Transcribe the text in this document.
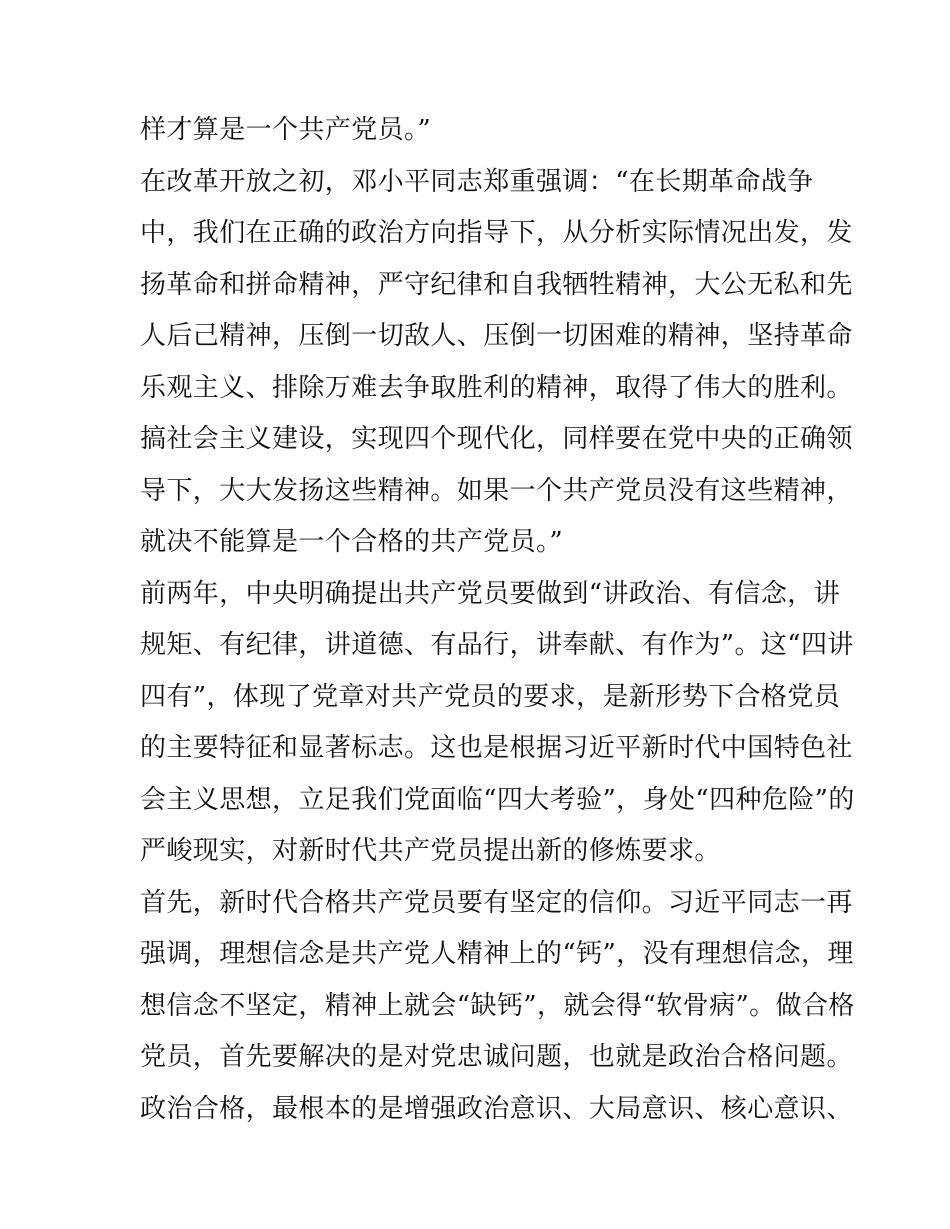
样才算是一个共产党员。”
在改革开放之初，邓小平同志郑重强调：“在长期革命战争
中，我们在正确的政治方向指导下，从分析实际情况出发，发
扬革命和拼命精神，严守纪律和自我牺牲精神，大公无私和先
人后己精神，压倒一切敌人、压倒一切困难的精神，坚持革命
乐观主义、排除万难去争取胜利的精神，取得了伟大的胜利。
搞社会主义建设，实现四个现代化，同样要在党中央的正确领
导下，大大发扬这些精神。如果一个共产党员没有这些精神，
就决不能算是一个合格的共产党员。”
前两年，中央明确提出共产党员要做到“讲政治、有信念，讲
规矩、有纪律，讲道德、有品行，讲奉献、有作为”。这“四讲
四有”，体现了党章对共产党员的要求，是新形势下合格党员
的主要特征和显著标志。这也是根据习近平新时代中国特色社
会主义思想，立足我们党面临“四大考验”，身处“四种危险”的
严峻现实，对新时代共产党员提出新的修炼要求。
首先，新时代合格共产党员要有坚定的信仰。习近平同志一再
强调，理想信念是共产党人精神上的“钙”，没有理想信念，理
想信念不坚定，精神上就会“缺钙”，就会得“软骨病”。做合格
党员，首先要解决的是对党忠诚问题，也就是政治合格问题。
政治合格，最根本的是增强政治意识、大局意识、核心意识、
